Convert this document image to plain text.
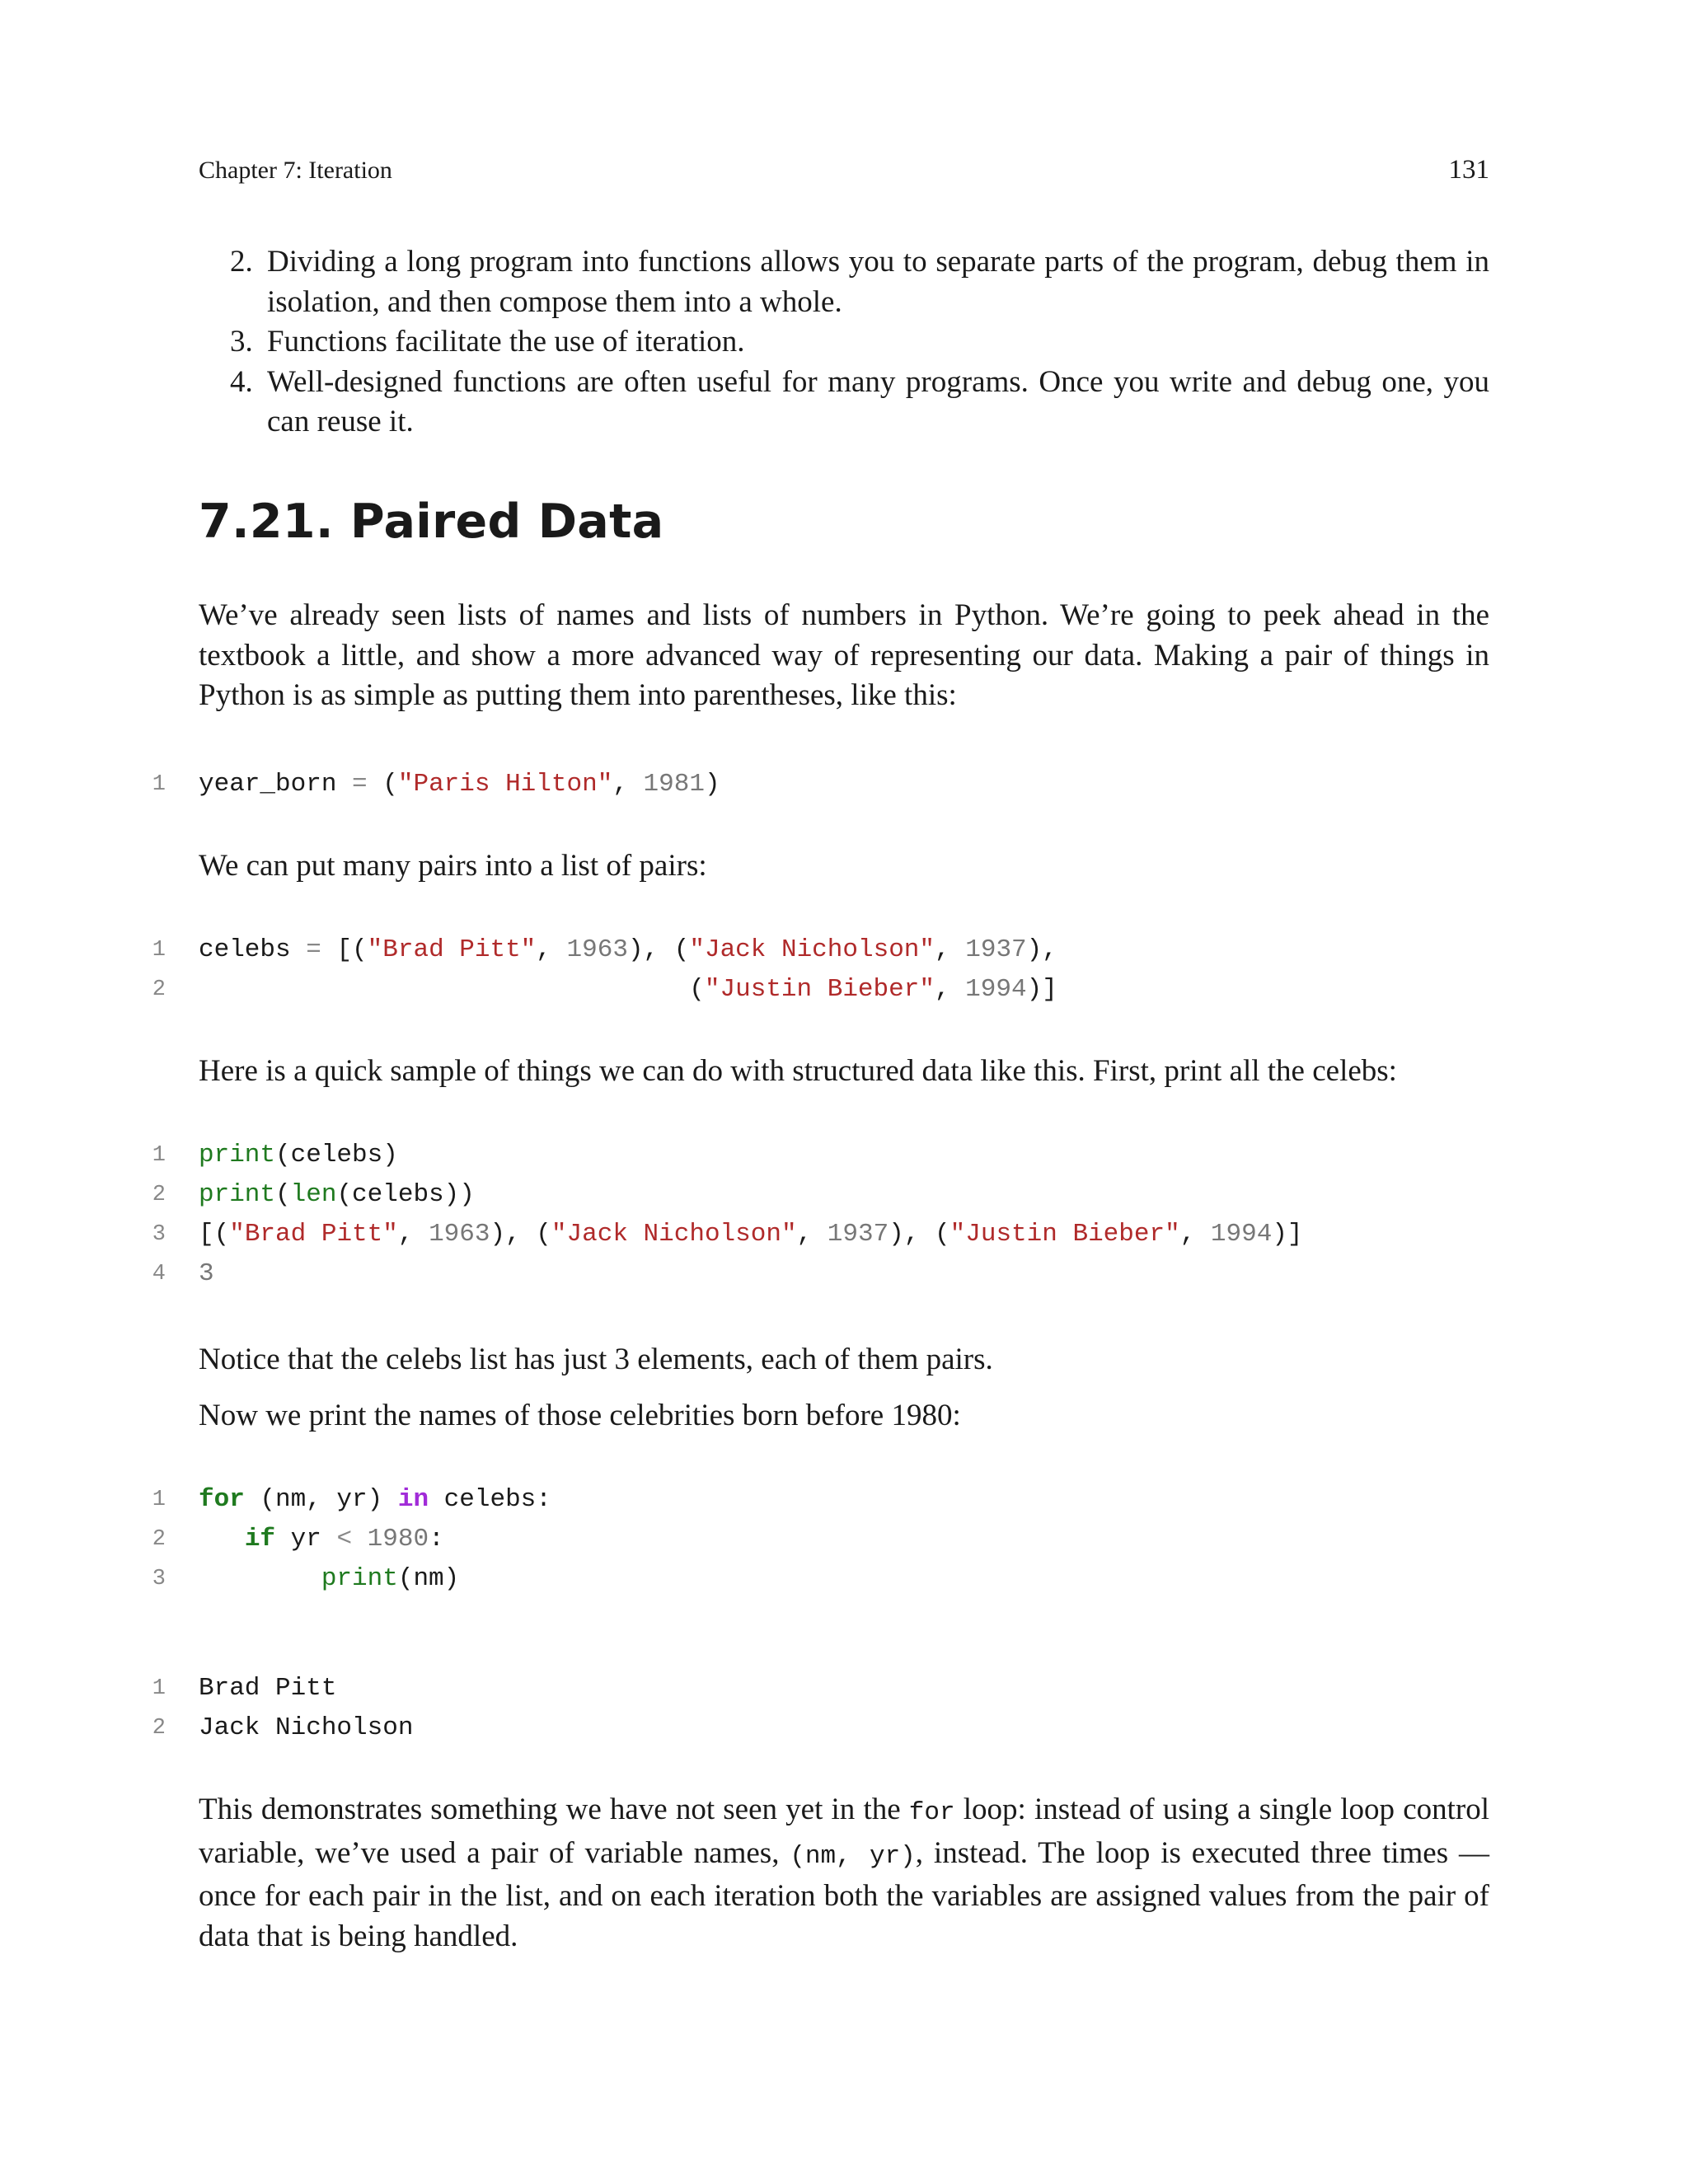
Chapter 7: Iteration	131
2. Dividing a long program into functions allows you to separate parts of the program, debug them in isolation, and then compose them into a whole.
3. Functions facilitate the use of iteration.
4. Well-designed functions are often useful for many programs. Once you write and debug one, you can reuse it.
7.21. Paired Data

We’ve already seen lists of names and lists of numbers in Python. We’re going to peek ahead in the textbook a little, and show a more advanced way of representing our data. Making a pair of things in Python is as simple as putting them into parentheses, like this:

1 year_born = ("Paris Hilton", 1981)

We can put many pairs into a list of pairs:

1 celebs = [("Brad Pitt", 1963), ("Jack Nicholson", 1937),
2 ("Justin Bieber", 1994)]

Here is a quick sample of things we can do with structured data like this. First, print all the celebs:

1 print(celebs)
2 print(len(celebs))
3 [("Brad Pitt", 1963), ("Jack Nicholson", 1937), ("Justin Bieber", 1994)]
4 3

Notice that the celebs list has just 3 elements, each of them pairs.

Now we print the names of those celebrities born before 1980:

1 for (nm, yr) in celebs:
2	if yr < 1980:
3	print(nm)
1 Brad Pitt
2 Jack Nicholson

This demonstrates something we have not seen yet in the for loop: instead of using a single loop control variable, we’ve used a pair of variable names, (nm, yr), instead. The loop is executed three times — once for each pair in the list, and on each iteration both the variables are assigned values from the pair of data that is being handled.
